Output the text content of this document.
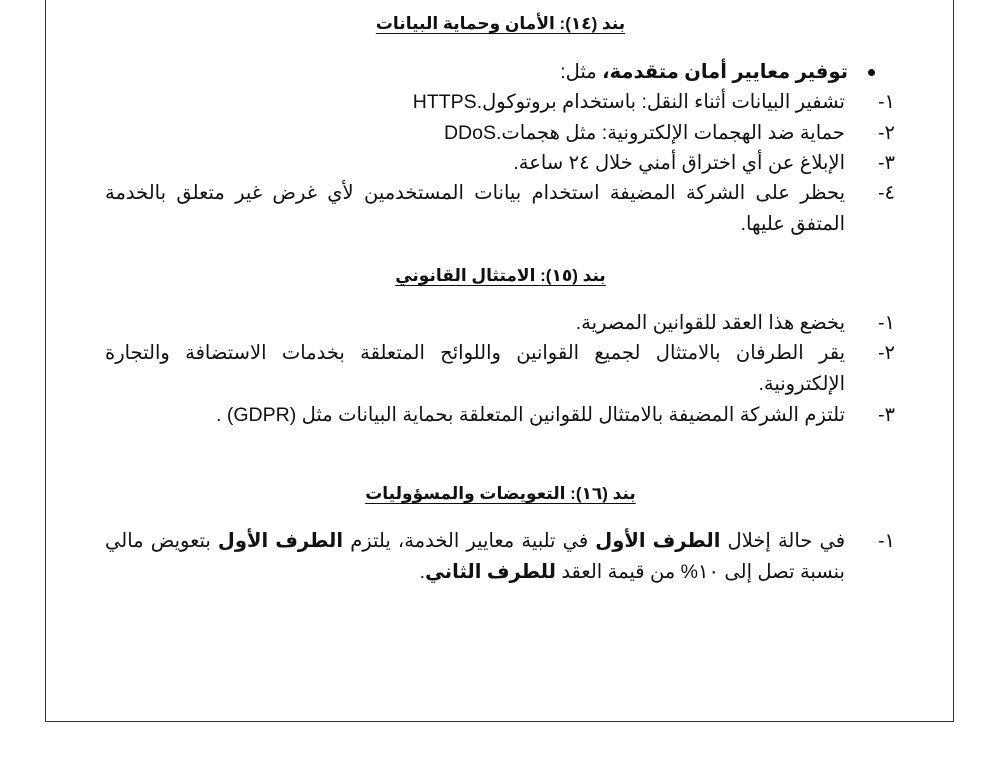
بند (١٤): الأمان وحماية البيانات
توفير معايير أمان متقدمة، مثل:
١-
تشفير البيانات أثناء النقل: باستخدام بروتوكول.HTTPS
٢-
حماية ضد الهجمات الإلكترونية: مثل هجمات.DDoS
٣-
الإبلاغ عن أي اختراق أمني خلال ٢٤ ساعة.
٤-
يحظر على الشركة المضيفة استخدام بيانات المستخدمين لأي غرض غير متعلق بالخدمة المتفق عليها.
بند (١٥): الامتثال القانوني
١-
يخضع هذا العقد للقوانين المصرية.
٢-
يقر الطرفان بالامتثال لجميع القوانين واللوائح المتعلقة بخدمات الاستضافة والتجارة الإلكترونية.
٣-
تلتزم الشركة المضيفة بالامتثال للقوانين المتعلقة بحماية البيانات مثل (GDPR) .
بند (١٦): التعويضات والمسؤوليات
١-
في حالة إخلال الطرف الأول في تلبية معايير الخدمة، يلتزم الطرف الأول بتعويض مالي بنسبة تصل إلى ١٠% من قيمة العقد للطرف الثاني.
